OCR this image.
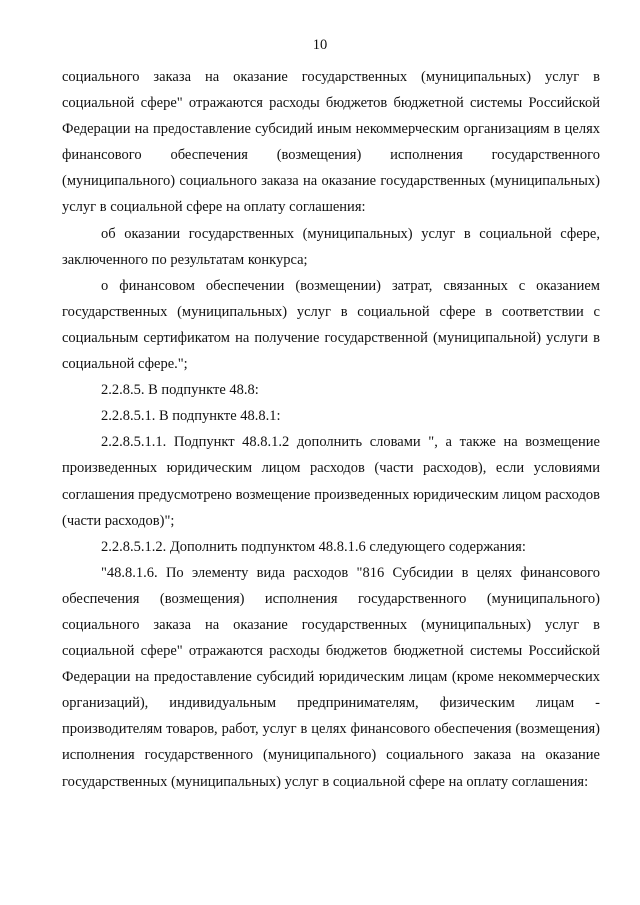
10

социального заказа на оказание государственных (муниципальных) услуг в социальной сфере" отражаются расходы бюджетов бюджетной системы Российской Федерации на предоставление субсидий иным некоммерческим организациям в целях финансового обеспечения (возмещения) исполнения государственного (муниципального) социального заказа на оказание государственных (муниципальных) услуг в социальной сфере на оплату соглашения:

об оказании государственных (муниципальных) услуг в социальной сфере, заключенного по результатам конкурса;

о финансовом обеспечении (возмещении) затрат, связанных с оказанием государственных (муниципальных) услуг в социальной сфере в соответствии с социальным сертификатом на получение государственной (муниципальной) услуги в социальной сфере.";

2.2.8.5. В подпункте 48.8:

2.2.8.5.1. В подпункте 48.8.1:

2.2.8.5.1.1. Подпункт 48.8.1.2 дополнить словами ", а также на возмещение произведенных юридическим лицом расходов (части расходов), если условиями соглашения предусмотрено возмещение произведенных юридическим лицом расходов (части расходов)";

2.2.8.5.1.2. Дополнить подпунктом 48.8.1.6 следующего содержания:

"48.8.1.6. По элементу вида расходов "816 Субсидии в целях финансового обеспечения (возмещения) исполнения государственного (муниципального) социального заказа на оказание государственных (муниципальных) услуг в социальной сфере" отражаются расходы бюджетов бюджетной системы Российской Федерации на предоставление субсидий юридическим лицам (кроме некоммерческих организаций), индивидуальным предпринимателям, физическим лицам - производителям товаров, работ, услуг в целях финансового обеспечения (возмещения) исполнения государственного (муниципального) социального заказа на оказание государственных (муниципальных) услуг в социальной сфере на оплату соглашения:
